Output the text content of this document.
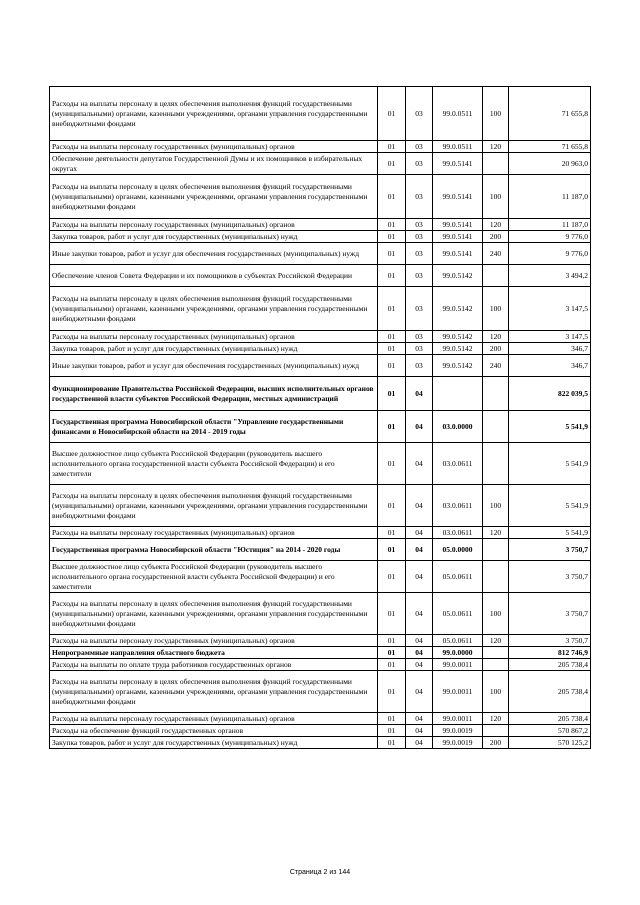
Расходы на выплаты персоналу в целях обеспечения выполнения функций государственными (муниципальными) органами, казенными учреждениями, органами управления государственными внебюджетными фондами	01	03	99.0.0511	100	71 655,8
Расходы на выплаты персоналу государственных (муниципальных) органов	01	03	99.0.0511	120	71 655,8
Обеспечение деятельности депутатов Государственной Думы и их помощников в избирательных округах	01	03	99.0.5141		20 963,0
Расходы на выплаты персоналу в целях обеспечения выполнения функций государственными (муниципальными) органами, казенными учреждениями, органами управления государственными внебюджетными фондами	01	03	99.0.5141	100	11 187,0
Расходы на выплаты персоналу государственных (муниципальных) органов	01	03	99.0.5141	120	11 187,0
Закупка товаров, работ и услуг для государственных (муниципальных) нужд	01	03	99.0.5141	200	9 776,0
Иные закупки товаров, работ и услуг для обеспечения государственных (муниципальных) нужд	01	03	99.0.5141	240	9 776,0
Обеспечение членов Совета Федерации и их помощников в субъектах Российской Федерации	01	03	99.0.5142		3 494,2
Расходы на выплаты персоналу в целях обеспечения выполнения функций государственными (муниципальными) органами, казенными учреждениями, органами управления государственными внебюджетными фондами	01	03	99.0.5142	100	3 147,5
Расходы на выплаты персоналу государственных (муниципальных) органов	01	03	99.0.5142	120	3 147,5
Закупка товаров, работ и услуг для государственных (муниципальных) нужд	01	03	99.0.5142	200	346,7
Иные закупки товаров, работ и услуг для обеспечения государственных (муниципальных) нужд	01	03	99.0.5142	240	346,7
Функционирование Правительства Российской Федерации, высших исполнительных органов государственной власти субъектов Российской Федерации, местных администраций	01	04			822 039,5
Государственная программа Новосибирской области "Управление государственными финансами в Новосибирской области на 2014 - 2019 годы	01	04	03.0.0000		5 541,9
Высшее должностное лицо субъекта Российской Федерации (руководитель высшего исполнительного органа государственной власти субъекта Российской Федерации) и его заместители	01	04	03.0.0611		5 541,9
Расходы на выплаты персоналу в целях обеспечения выполнения функций государственными (муниципальными) органами, казенными учреждениями, органами управления государственными внебюджетными фондами	01	04	03.0.0611	100	5 541,9
Расходы на выплаты персоналу государственных (муниципальных) органов	01	04	03.0.0611	120	5 541,9
Государственная программа Новосибирской области "Юстиция" на 2014 - 2020 годы	01	04	05.0.0000		3 750,7
Высшее должностное лицо субъекта Российской Федерации (руководитель высшего исполнительного органа государственной власти субъекта Российской Федерации) и его заместители	01	04	05.0.0611		3 750,7
Расходы на выплаты персоналу в целях обеспечения выполнения функций государственными (муниципальными) органами, казенными учреждениями, органами управления государственными внебюджетными фондами	01	04	05.0.0611	100	3 750,7
Расходы на выплаты персоналу государственных (муниципальных) органов	01	04	05.0.0611	120	3 750,7
Непрограммные направления областного бюджета	01	04	99.0.0000		812 746,9
Расходы на выплаты по оплате труда работников государственных органов	01	04	99.0.0011		205 738,4
Расходы на выплаты персоналу в целях обеспечения выполнения функций государственными (муниципальными) органами, казенными учреждениями, органами управления государственными внебюджетными фондами	01	04	99.0.0011	100	205 738,4
Расходы на выплаты персоналу государственных (муниципальных) органов	01	04	99.0.0011	120	205 738,4
Расходы на обеспечение функций государственных органов	01	04	99.0.0019		570 867,2
Закупка товаров, работ и услуг для государственных (муниципальных) нужд	01	04	99.0.0019	200	570 125,2
Страница 2 из 144
